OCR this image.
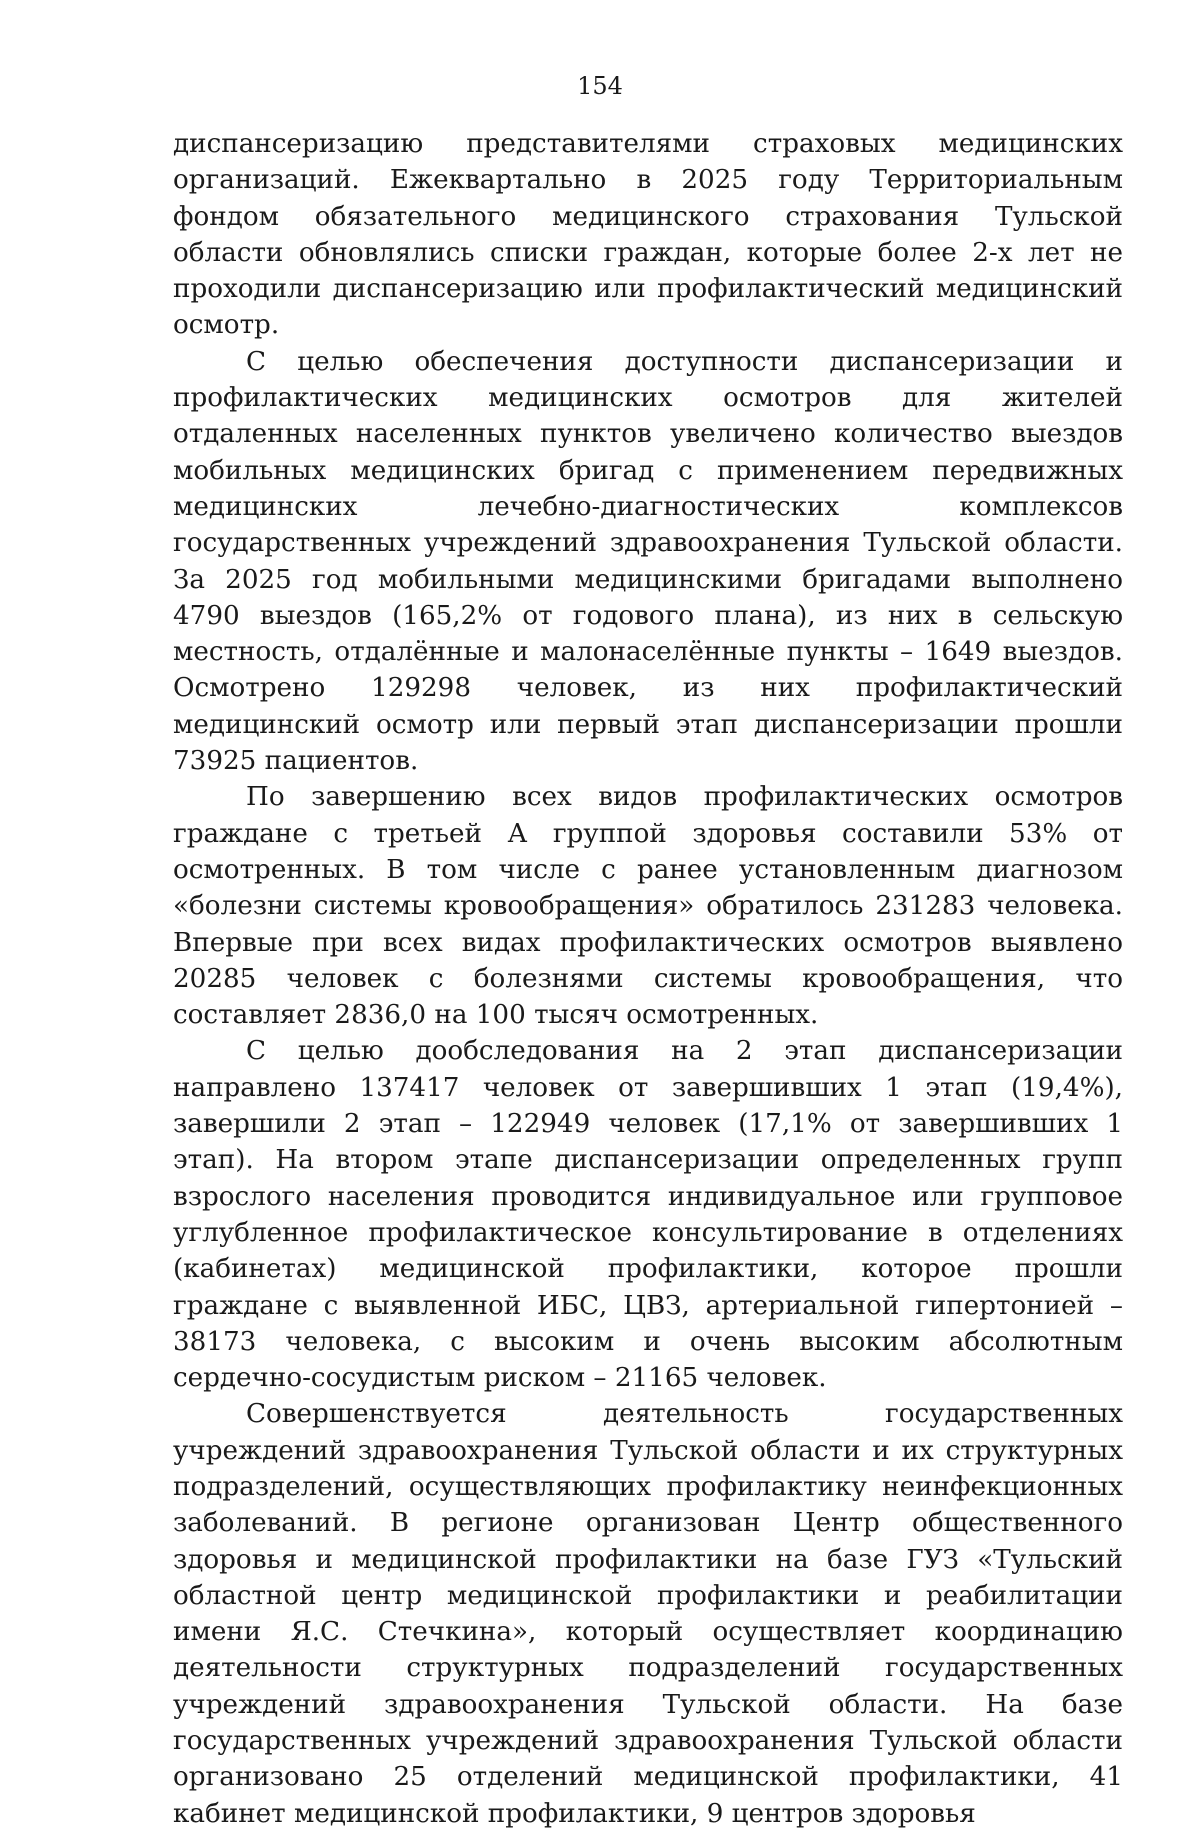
154

диспансеризацию представителями страховых медицинских организаций. Ежеквартально в 2025 году Территориальным фондом обязательного медицинского страхования Тульской области обновлялись списки граждан, которые более 2-х лет не проходили диспансеризацию или профилактический медицинский осмотр.

С целью обеспечения доступности диспансеризации и профилактических медицинских осмотров для жителей отдаленных населенных пунктов увеличено количество выездов мобильных медицинских бригад с применением передвижных медицинских лечебно-диагностических комплексов государственных учреждений здравоохранения Тульской области. За 2025 год мобильными медицинскими бригадами выполнено 4790 выездов (165,2% от годового плана), из них в сельскую местность, отдалённые и малонаселённые пункты – 1649 выездов. Осмотрено 129298 человек, из них профилактический медицинский осмотр или первый этап диспансеризации прошли 73925 пациентов.

По завершению всех видов профилактических осмотров граждане с третьей А группой здоровья составили 53% от осмотренных. В том числе с ранее установленным диагнозом «болезни системы кровообращения» обратилось 231283 человека. Впервые при всех видах профилактических осмотров выявлено 20285 человек с болезнями системы кровообращения, что составляет 2836,0 на 100 тысяч осмотренных.

С целью дообследования на 2 этап диспансеризации направлено 137417 человек от завершивших 1 этап (19,4%), завершили 2 этап – 122949 человек (17,1% от завершивших 1 этап). На втором этапе диспансеризации определенных групп взрослого населения проводится индивидуальное или групповое углубленное профилактическое консультирование в отделениях (кабинетах) медицинской профилактики, которое прошли граждане с выявленной ИБС, ЦВЗ, артериальной гипертонией – 38173 человека, с высоким и очень высоким абсолютным сердечно-сосудистым риском – 21165 человек.

Совершенствуется деятельность государственных учреждений здравоохранения Тульской области и их структурных подразделений, осуществляющих профилактику неинфекционных заболеваний. В регионе организован Центр общественного здоровья и медицинской профилактики на базе ГУЗ «Тульский областной центр медицинской профилактики и реабилитации имени Я.С. Стечкина», который осуществляет координацию деятельности структурных подразделений государственных учреждений здравоохранения Тульской области. На базе государственных учреждений здравоохранения Тульской области организовано 25 отделений медицинской профилактики, 41 кабинет медицинской профилактики, 9 центров здоровья
